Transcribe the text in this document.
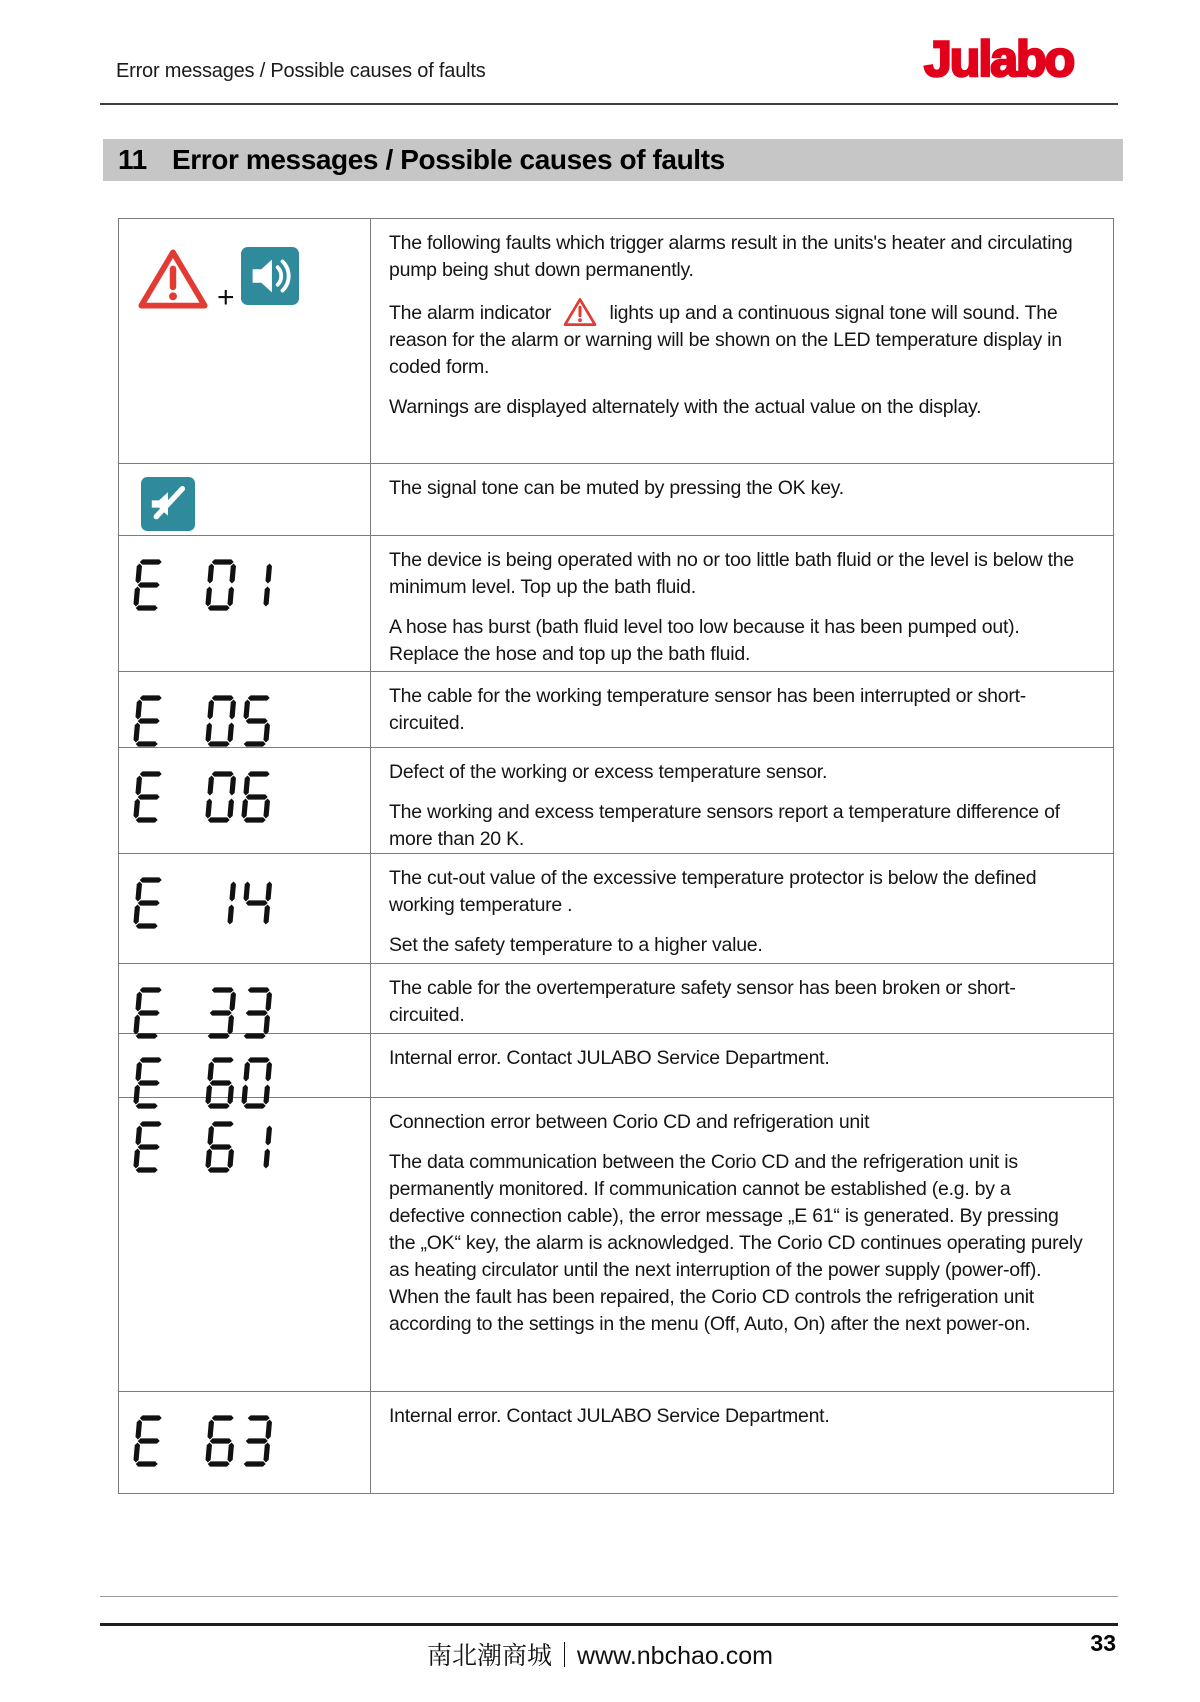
Error messages / Possible causes of faults	Julabo
11 Error messages / Possible causes of faults
+

The following faults which trigger alarms result in the units's heater and circulating pump being shut down permanently.

The alarm indicator  lights up and a continuous signal tone will sound. The reason for the alarm or warning will be shown on the LED temperature display in coded form.

Warnings are displayed alternately with the actual value on the display.

The signal tone can be muted by pressing the OK key.

The device is being operated with no or too little bath fluid or the level is below the minimum level. Top up the bath fluid.

A hose has burst (bath fluid level too low because it has been pumped out). Replace the hose and top up the bath fluid.

The cable for the working temperature sensor has been interrupted or short-circuited.

Defect of the working or excess temperature sensor.

The working and excess temperature sensors report a temperature difference of more than 20 K.

The cut-out value of the excessive temperature protector is below the defined working temperature .

Set the safety temperature to a higher value.

The cable for the overtemperature safety sensor has been broken or short-circuited.

Internal error. Contact JULABO Service Department.

Connection error between Corio CD and refrigeration unit

The data communication between the Corio CD and the refrigeration unit is permanently monitored. If communication cannot be established (e.g. by a defective connection cable), the error message „E 61“ is generated. By pressing the „OK“ key, the alarm is acknowledged. The Corio CD continues operating purely as heating circulator until the next interruption of the power supply (power-off). When the fault has been repaired, the Corio CD controls the refrigeration unit according to the settings in the menu (Off, Auto, On) after the next power-on.

Internal error. Contact JULABO Service Department.

南北潮商城｜www.nbchao.com	33
